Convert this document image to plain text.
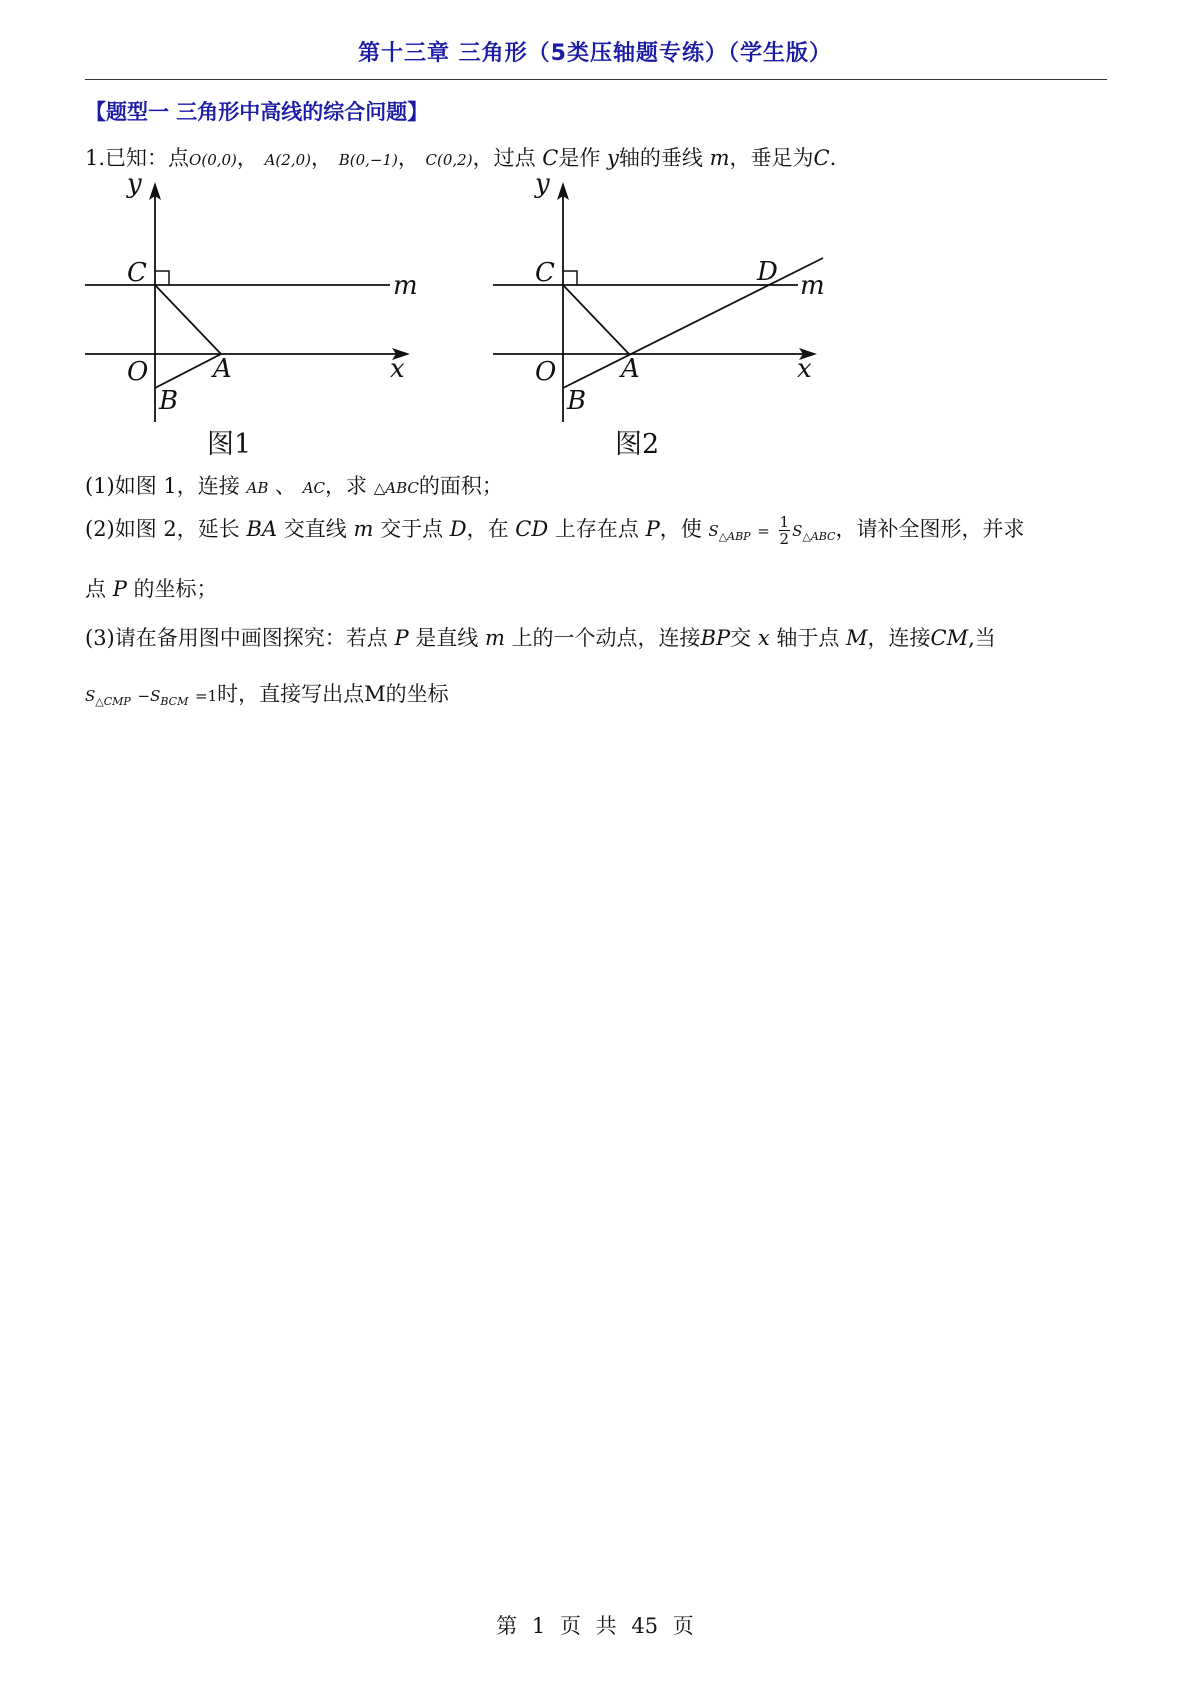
第十三章 三角形（5类压轴题专练）（学生版）
【题型一 三角形中高线的综合问题】
1.已知：点O(0,0)， A(2,0)， B(0,−1)， C(0,2)，过点 C是作 y轴的垂线 m，垂足为C.
y
x
C	m
O A
B
图1
y
x
C	m
O A
B
D
图2
(1)如图 1，连接 AB 、 AC，求 △ABC的面积；
(2)如图 2，延长 BA 交直线 m 交于点 D，在 CD 上存在点 P，使 $S_{\triangle ABP} = \frac{1}{2} S_{\triangle ABC}$，请补全图形，并求
点 P 的坐标；
(3)请在备用图中画图探究：若点 P 是直线 m 上的一个动点，连接BP交 x 轴于点 M，连接CM,当
$S_{\triangle CMP} -S_{BCM} =1$时，直接写出点M的坐标
第 1 页 共 45 页
